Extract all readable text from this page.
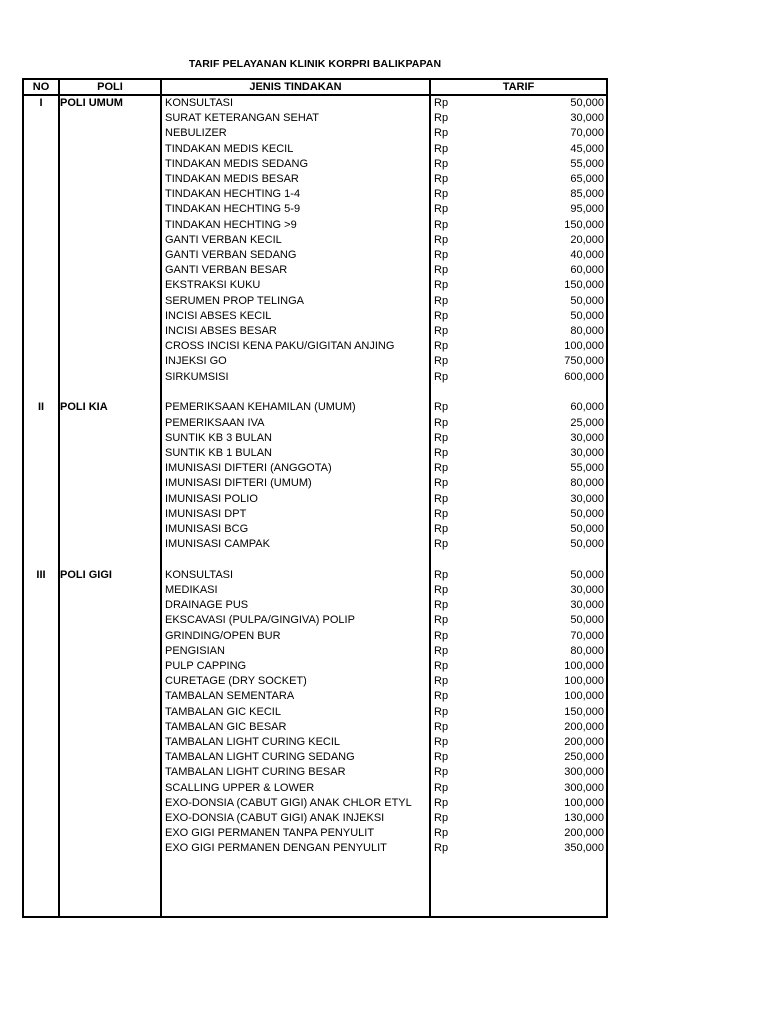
TARIF PELAYANAN KLINIK KORPRI BALIKPAPAN
NO	POLI	JENIS TINDAKAN	TARIF
I	POLI UMUM	KONSULTASI	Rp	50,000
SURAT KETERANGAN SEHAT	Rp	30,000
NEBULIZER	Rp	70,000
TINDAKAN MEDIS KECIL	Rp	45,000
TINDAKAN MEDIS SEDANG	Rp	55,000
TINDAKAN MEDIS BESAR	Rp	65,000
TINDAKAN HECHTING 1-4	Rp	85,000
TINDAKAN HECHTING 5-9	Rp	95,000
TINDAKAN HECHTING >9	Rp	150,000
GANTI VERBAN KECIL	Rp	20,000
GANTI VERBAN SEDANG	Rp	40,000
GANTI VERBAN BESAR	Rp	60,000
EKSTRAKSI KUKU	Rp	150,000
SERUMEN PROP TELINGA	Rp	50,000
INCISI ABSES KECIL	Rp	50,000
INCISI ABSES BESAR	Rp	80,000
CROSS INCISI KENA PAKU/GIGITAN ANJING	Rp	100,000
INJEKSI GO	Rp	750,000
SIRKUMSISI	Rp	600,000
II	POLI KIA	PEMERIKSAAN KEHAMILAN (UMUM)	Rp	60,000
PEMERIKSAAN IVA	Rp	25,000
SUNTIK KB 3 BULAN	Rp	30,000
SUNTIK KB 1 BULAN	Rp	30,000
IMUNISASI DIFTERI (ANGGOTA)	Rp	55,000
IMUNISASI DIFTERI (UMUM)	Rp	80,000
IMUNISASI POLIO	Rp	30,000
IMUNISASI DPT	Rp	50,000
IMUNISASI BCG	Rp	50,000
IMUNISASI CAMPAK	Rp	50,000
III	POLI GIGI	KONSULTASI	Rp	50,000
MEDIKASI	Rp	30,000
DRAINAGE PUS	Rp	30,000
EKSCAVASI (PULPA/GINGIVA) POLIP	Rp	50,000
GRINDING/OPEN BUR	Rp	70,000
PENGISIAN	Rp	80,000
PULP CAPPING	Rp	100,000
CURETAGE (DRY SOCKET)	Rp	100,000
TAMBALAN SEMENTARA	Rp	100,000
TAMBALAN GIC KECIL	Rp	150,000
TAMBALAN GIC BESAR	Rp	200,000
TAMBALAN LIGHT CURING KECIL	Rp	200,000
TAMBALAN LIGHT CURING SEDANG	Rp	250,000
TAMBALAN LIGHT CURING BESAR	Rp	300,000
SCALLING UPPER & LOWER	Rp	300,000
EXO-DONSIA (CABUT GIGI) ANAK CHLOR ETYL	Rp	100,000
EXO-DONSIA (CABUT GIGI) ANAK INJEKSI	Rp	130,000
EXO GIGI PERMANEN TANPA PENYULIT	Rp	200,000
EXO GIGI PERMANEN DENGAN PENYULIT	Rp	350,000
